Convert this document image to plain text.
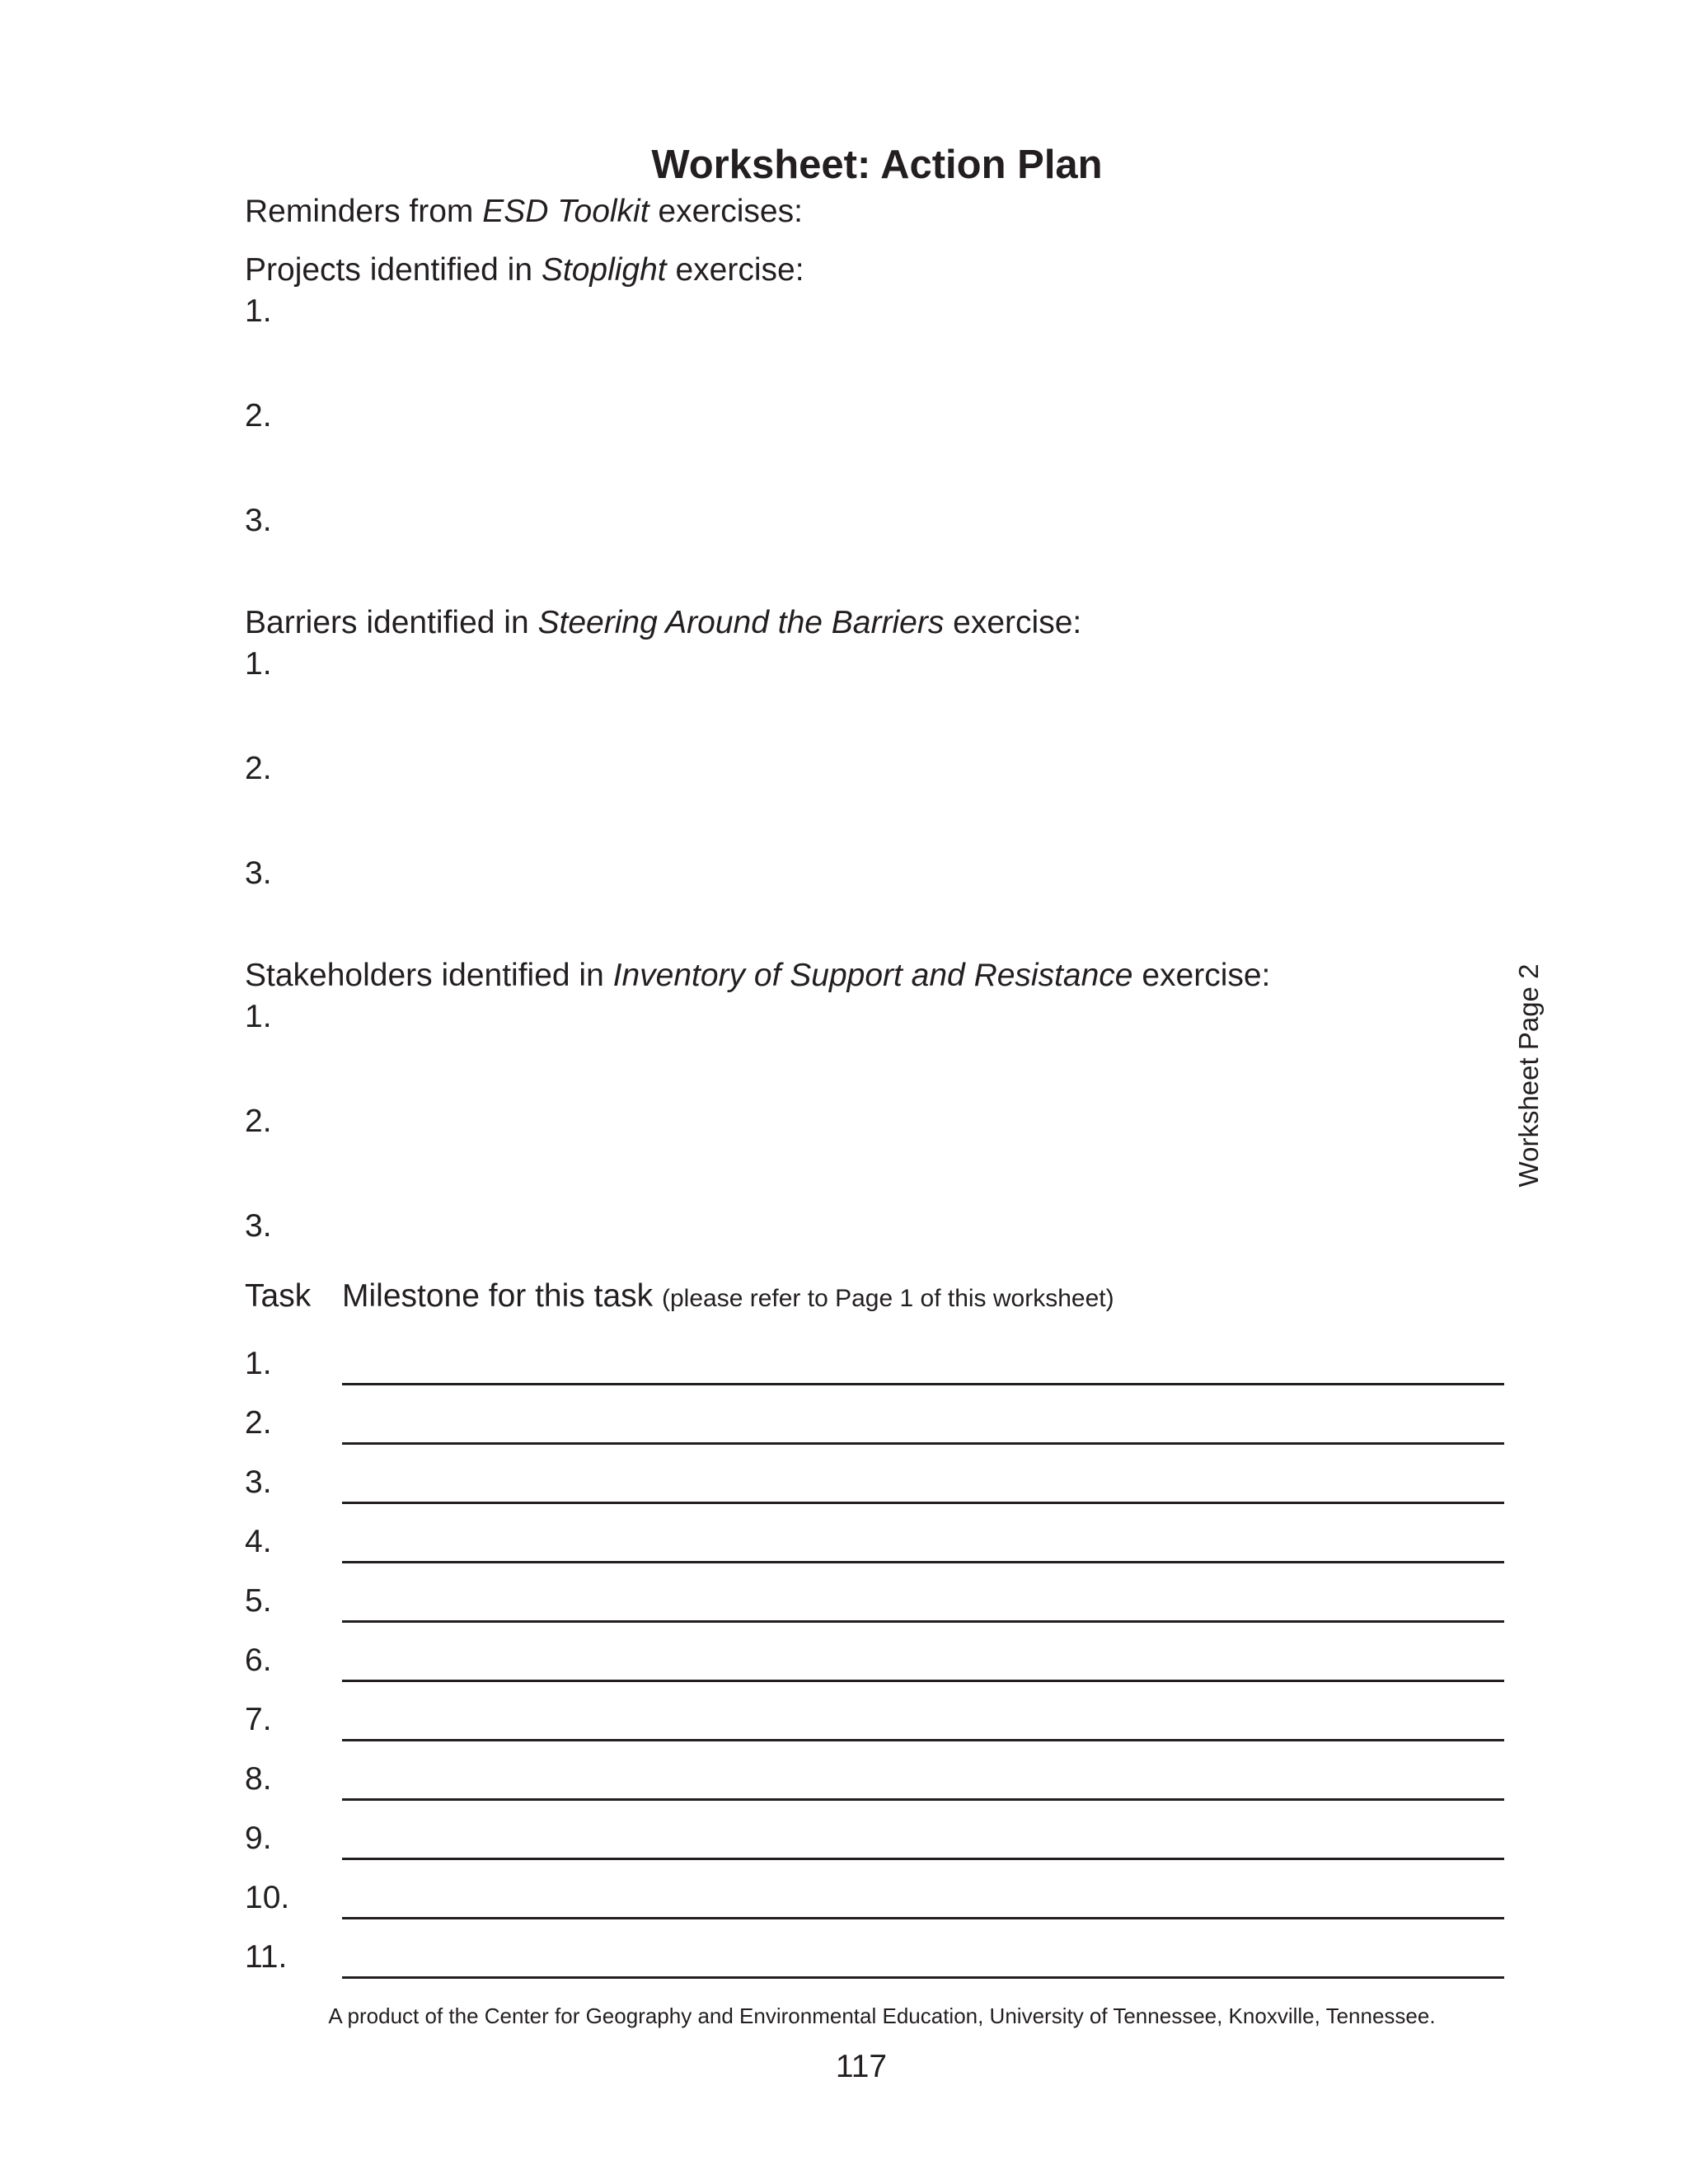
Worksheet: Action Plan
Reminders from ESD Toolkit exercises:
Projects identified in Stoplight exercise:
1.
2.
3.
Barriers identified in Steering Around the Barriers exercise:
1.
2.
3.
Stakeholders identified in Inventory of Support and Resistance exercise:
1.
2.
3.
Worksheet Page 2
Task Milestone for this task (please refer to Page 1 of this worksheet)
1.
2.
3.
4.
5.
6.
7.
8.
9.
10.
11.
A product of the Center for Geography and Environmental Education, University of Tennessee, Knoxville, Tennessee.
117
